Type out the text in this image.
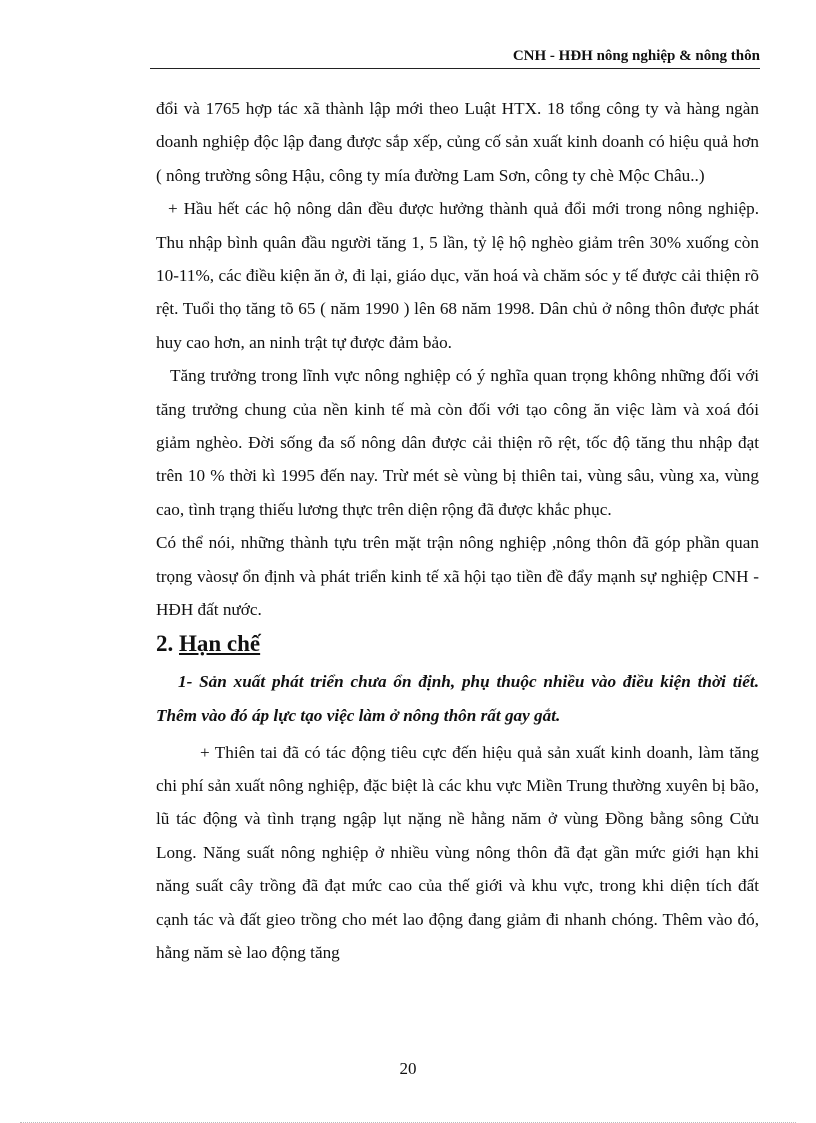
CNH - HĐH nông nghiệp & nông thôn

đổi và 1765 hợp tác xã thành lập mới theo Luật HTX. 18 tổng công ty và hàng ngàn doanh nghiệp độc lập đang được sắp xếp, củng cố sản xuất kinh doanh có hiệu quả hơn ( nông trường sông Hậu, công ty mía đường Lam Sơn, công ty chè Mộc Châu..)

+ Hầu hết các hộ nông dân đều được hưởng thành quả đổi mới trong nông nghiệp. Thu nhập bình quân đầu người tăng 1, 5 lần, tỷ lệ hộ nghèo giảm trên 30% xuống còn 10-11%, các điều kiện ăn ở, đi lại, giáo dục, văn hoá và chăm sóc y tế được cải thiện rõ rệt. Tuổi thọ tăng tõ 65 ( năm 1990 ) lên 68 năm 1998. Dân chủ ở nông thôn được phát huy cao hơn, an ninh trật tự được đảm bảo.

Tăng trưởng trong lĩnh vực nông nghiệp có ý nghĩa quan trọng không những đối với tăng trưởng chung của nền kinh tế mà còn đối với tạo công ăn việc làm và xoá đói giảm nghèo. Đời sống đa số nông dân được cải thiện rõ rệt, tốc độ tăng thu nhập đạt trên 10 % thời kì 1995 đến nay. Trừ mét sè vùng bị thiên tai, vùng sâu, vùng xa, vùng cao, tình trạng thiếu lương thực trên diện rộng đã được khắc phục.

Có thể nói, những thành tựu trên mặt trận nông nghiệp ,nông thôn đã góp phần quan trọng vàosự ổn định và phát triển kinh tế xã hội tạo tiền đề đẩy mạnh sự nghiệp CNH - HĐH đất nước.

2. Hạn chế

1- Sản xuất phát triển chưa ổn định, phụ thuộc nhiều vào điều kiện thời tiết. Thêm vào đó áp lực tạo việc làm ở nông thôn rất gay gắt.

+ Thiên tai đã có tác động tiêu cực đến hiệu quả sản xuất kinh doanh, làm tăng chi phí sản xuất nông nghiệp, đặc biệt là các khu vực Miền Trung thường xuyên bị bão, lũ tác động và tình trạng ngập lụt nặng nề hằng năm ở vùng Đồng bằng sông Cửu Long. Năng suất nông nghiệp ở nhiều vùng nông thôn đã đạt gần mức giới hạn khi năng suất cây trồng đã đạt mức cao của thế giới và khu vực, trong khi diện tích đất cạnh tác và đất gieo trồng cho mét lao động đang giảm đi nhanh chóng. Thêm vào đó, hằng năm sè lao động tăng

20
